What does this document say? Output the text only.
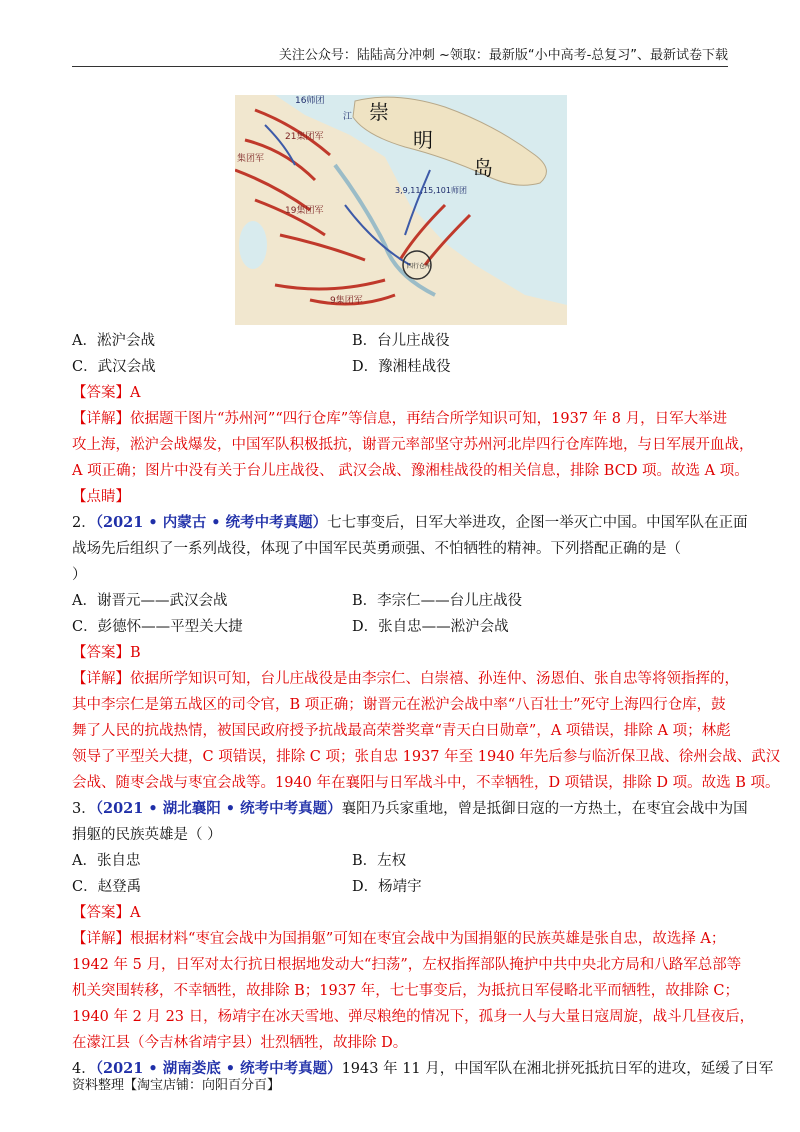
关注公众号：陆陆高分冲刺 ~领取：最新版“小中高考-总复习”、最新试卷下载
16师团
江
21集团军
集团军
19集团军
9集团军
崇
明
岛
3,9,11,15,101师团
四行仓库
A．淞沪会战	B．台儿庄战役
C．武汉会战	D．豫湘桂战役
【答案】A
【详解】依据题干图片“苏州河”“四行仓库”等信息，再结合所学知识可知，1937 年 8 月，日军大举进
攻上海，淞沪会战爆发，中国军队积极抵抗，谢晋元率部坚守苏州河北岸四行仓库阵地，与日军展开血战，
A 项正确；图片中没有关于台儿庄战役、 武汉会战、豫湘桂战役的相关信息，排除 BCD 项。故选 A 项。
【点睛】
2．（2021 • 内蒙古 • 统考中考真题）七七事变后，日军大举进攻，企图一举灭亡中国。中国军队在正面
战场先后组织了一系列战役，体现了中国军民英勇顽强、不怕牺牲的精神。下列搭配正确的是（
）
A．谢晋元——武汉会战	B．李宗仁——台儿庄战役
C．彭德怀——平型关大捷	D．张自忠——淞沪会战
【答案】B
【详解】依据所学知识可知，台儿庄战役是由李宗仁、白崇禧、孙连仲、汤恩伯、张自忠等将领指挥的，
其中李宗仁是第五战区的司令官，B 项正确；谢晋元在淞沪会战中率“八百壮士”死守上海四行仓库，鼓
舞了人民的抗战热情，被国民政府授予抗战最高荣誉奖章“青天白日勋章”，A 项错误，排除 A 项；林彪
领导了平型关大捷，C 项错误，排除 C 项；张自忠 1937 年至 1940 年先后参与临沂保卫战、徐州会战、武汉
会战、随枣会战与枣宜会战等。1940 年在襄阳与日军战斗中，不幸牺牲，D 项错误，排除 D 项。故选 B 项。
3．（2021 • 湖北襄阳 • 统考中考真题）襄阳乃兵家重地，曾是抵御日寇的一方热土，在枣宜会战中为国
捐躯的民族英雄是（ ）
A．张自忠	B．左权
C．赵登禹	D．杨靖宇
【答案】A
【详解】根据材料“枣宜会战中为国捐躯”可知在枣宜会战中为国捐躯的民族英雄是张自忠，故选择 A；
1942 年 5 月，日军对太行抗日根据地发动大“扫荡”，左权指挥部队掩护中共中央北方局和八路军总部等
机关突围转移，不幸牺牲，故排除 B；1937 年，七七事变后，为抵抗日军侵略北平而牺牲，故排除 C；
1940 年 2 月 23 日，杨靖宇在冰天雪地、弹尽粮绝的情况下，孤身一人与大量日寇周旋，战斗几昼夜后，
在濛江县（今吉林省靖宇县）壮烈牺牲，故排除 D。
4．（2021 • 湖南娄底 • 统考中考真题）1943 年 11 月，中国军队在湘北拼死抵抗日军的进攻，延缓了日军
资料整理【淘宝店铺：向阳百分百】
